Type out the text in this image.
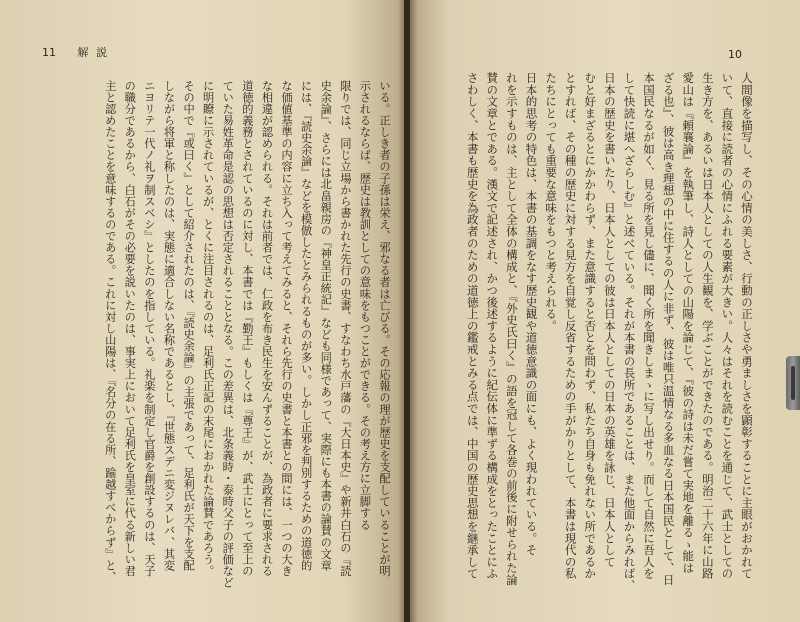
11 解 説
いる。正しき者の子孫は栄え、邪なる者は亡びる。その応報の理が歴史を支配していることが明
示されるならば、歴史は教訓としての意味をもつことができる。その考え方に立脚する
限りでは、同じ立場から書かれた先行の史書、すなわち水戸藩の『大日本史』や新井白石の『読
史余論』、さらには北畠親房の『神皇正統記』なども同様であって、実際にも本書の論賛の文章
には、『読史余論』などを模倣したとみられるものが多い。しかし正邪を判別するための道徳的
な価値基準の内容に立ち入って考えてみると、それら先行の史書と本書との間には、一つの大き
な相違が認められる。それは前者では、仁政を布き民生を安んずることが、為政者に要求される
道徳的義務とされているのに対し、本書では『勤王』もしくは『尊王』が、武士にとって至上の
ていた易姓革命是認の思想は否定されることとなる。この差異は、北条義時・泰時父子の評価など
に明瞭に示されているが、とくに注目されるのは、足利氏正記の末尾におかれた論賛であろう。
その中で『或曰く』として紹介されたのは、『読史余論』の主張であって、足利氏が天下を支配
しながら将軍と称したのは、実態に適合しない名称であるとし、『世態スデニ変ジヌレバ、其変
ニヨリテ一代ノ礼ヲ制スベシ』としたのを指している。礼楽を制定し官爵を創設するのは、天子
の職分であるから、白石がその必要を説いたのは、事実上において足利氏を皇室に代る新しい君
主と認めたことを意味するのである。これに対し山陽は、『名分の在る所、踰越すべからず』と、
10
人間像を描写し、その心情の美しさ、行動の正しさや勇ましさを顕彰することに主眼がおかれて
いて、直接に読者の心情にふれる要素が大きい。人々はそれを読むことを通じて、武士としての
生き方を、あるいは日本人としての人生観を、学ぶことができたのである。明治二十六年に山路
愛山は『頼襄論』を執筆し、詩人としての山陽を論じて、『彼の詩は未だ嘗て実地を離るゝ能は
ざる也』、彼は高き理想の中に住するの人に非ず、彼は唯只温情なる多血なる日本国民として、日
本国民なるが如く、見る所を見し儘に、聞く所を聞きしまゝに写し出せり。而して自然に吾人を
して快読に堪へざらしむ』と述べている。それが本書の長所であることは、また他面からみれば、
日本の歴史を書いたり、日本人としての彼は日本人としての日本の英雄を詠じ、日本人として
むと好まざるとにかかわらず、また意識すると否とを問わず、私たち自身も免れない所であるか
とすれば、その種の歴史に対する見方を自覚し反省するための手がかりとして、本書は現代の私
たちにとっても重要な意味をもつと考えられる。
日本的思考の特色は、本書の基調をなす歴史観や道徳意識の面にも、よく現われている。そ
れを示すものは、主として全体の構成と、『外史氏曰く』の語を冠して各巻の前後に附せられた論
賛の文章とである。漢文で記述され、かつ後述するように紀伝体に準ずる構成をとったことにふ
さわしく、本書も歴史を為政者のための道徳上の鑑戒とみる点では、中国の歴史思想を継承して
